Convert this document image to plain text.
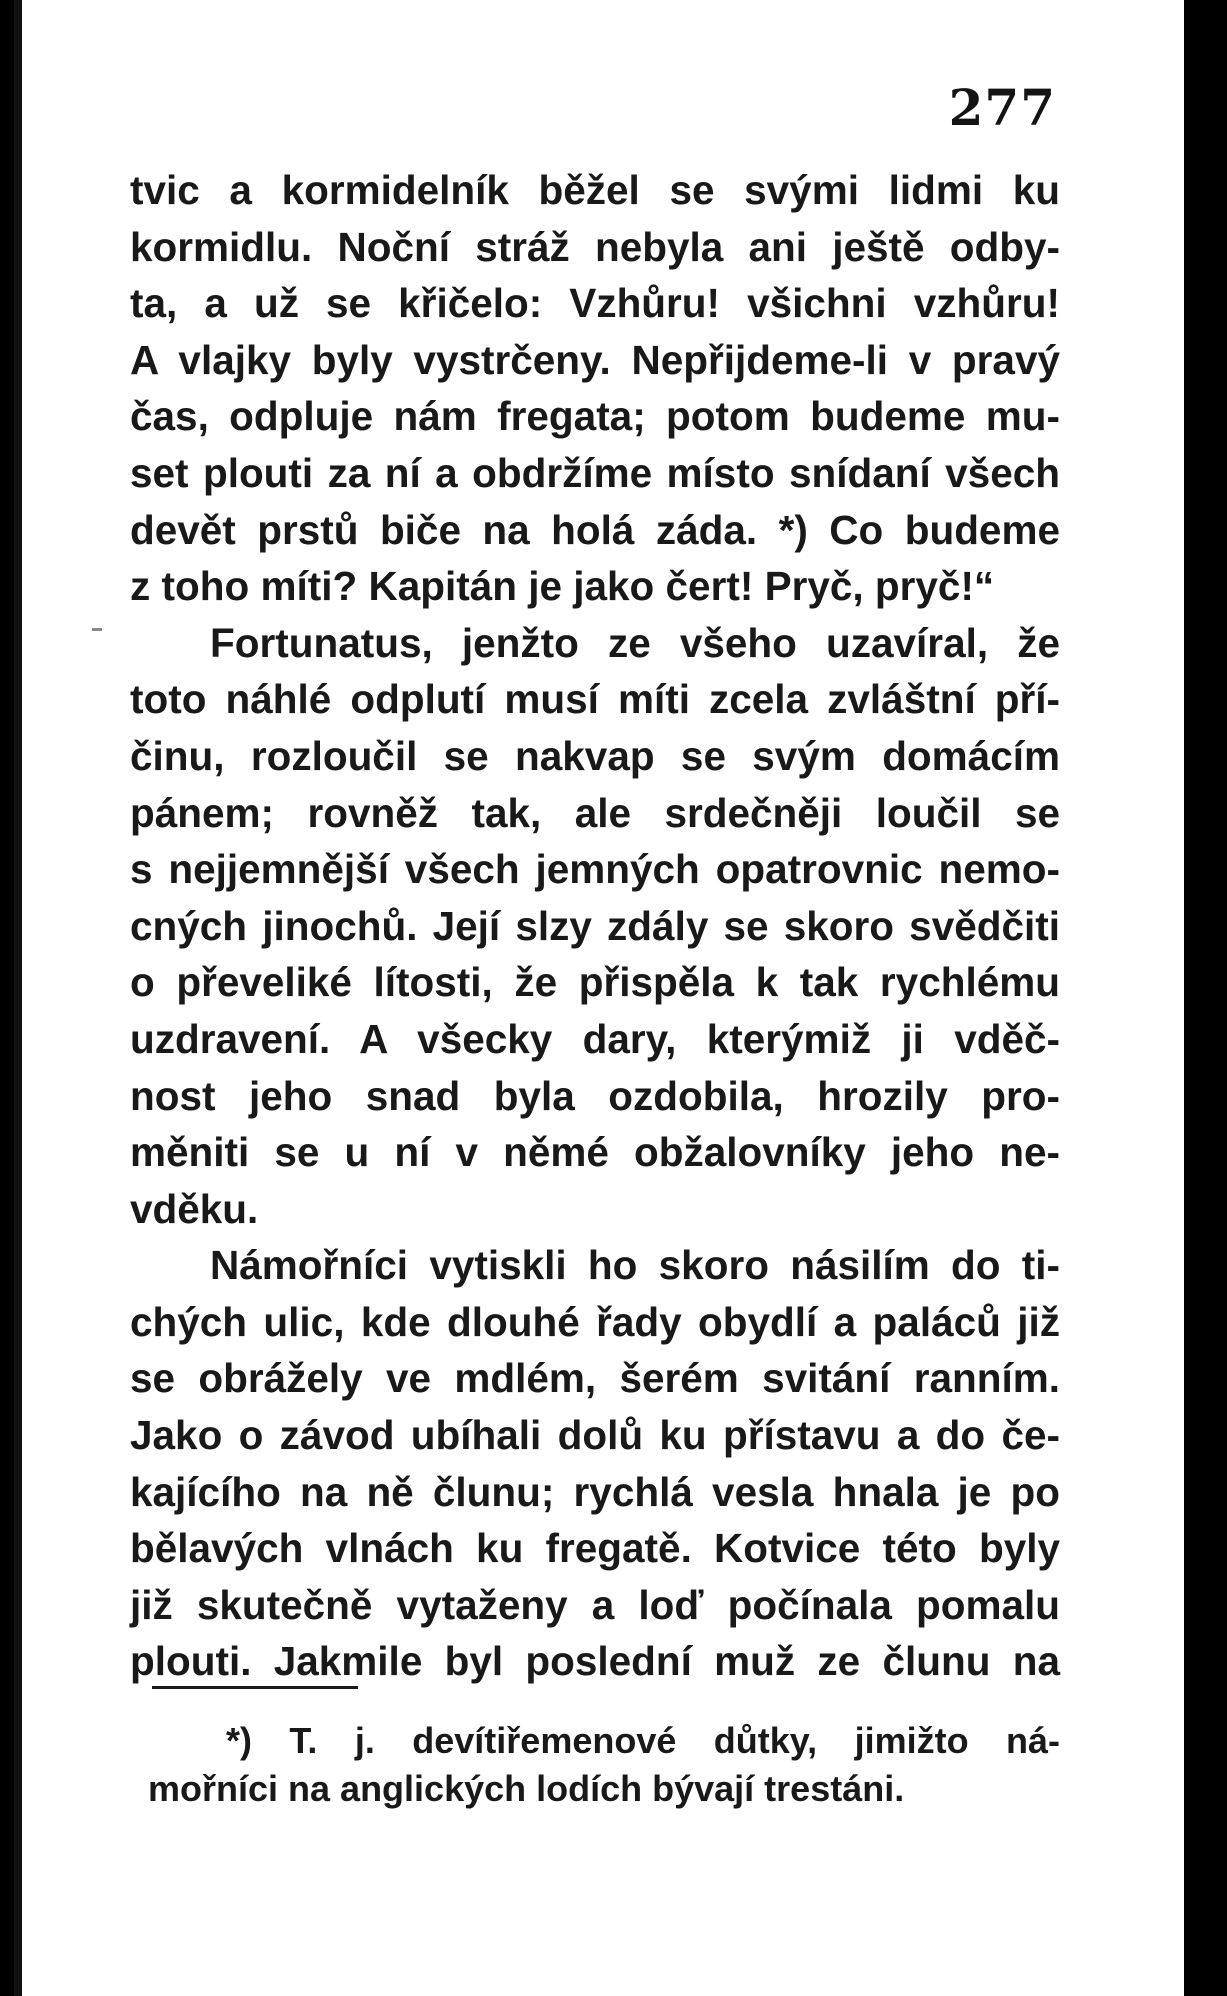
277
tvic a kormidelník běžel se svými lidmi ku
kormidlu. Noční stráž nebyla ani ještě odby-
ta, a už se křičelo: Vzhůru! všichni vzhůru!
A vlajky byly vystrčeny. Nepřijdeme-li v pravý
čas, odpluje nám fregata; potom budeme mu-
set plouti za ní a obdržíme místo snídaní všech
devět prstů biče na holá záda. *) Co budeme
z toho míti? Kapitán je jako čert! Pryč, pryč!“
Fortunatus, jenžto ze všeho uzavíral, že
toto náhlé odplutí musí míti zcela zvláštní pří-
činu, rozloučil se nakvap se svým domácím
pánem; rovněž tak, ale srdečněji loučil se
s nejjemnější všech jemných opatrovnic nemo-
cných jinochů. Její slzy zdály se skoro svědčiti
o převeliké lítosti, že přispěla k tak rychlému
uzdravení. A všecky dary, kterýmiž ji vděč-
nost jeho snad byla ozdobila, hrozily pro-
měniti se u ní v němé obžalovníky jeho ne-
vděku.
Námořníci vytiskli ho skoro násilím do ti-
chých ulic, kde dlouhé řady obydlí a paláců již
se obrážely ve mdlém, šerém svitání ranním.
Jako o závod ubíhali dolů ku přístavu a do če-
kajícího na ně člunu; rychlá vesla hnala je po
bělavých vlnách ku fregatě. Kotvice této byly
již skutečně vytaženy a loď počínala pomalu
plouti. Jakmile byl poslední muž ze člunu na
*) T. j. devítiřemenové důtky, jimižto ná-
mořníci na anglických lodích bývají trestáni.
